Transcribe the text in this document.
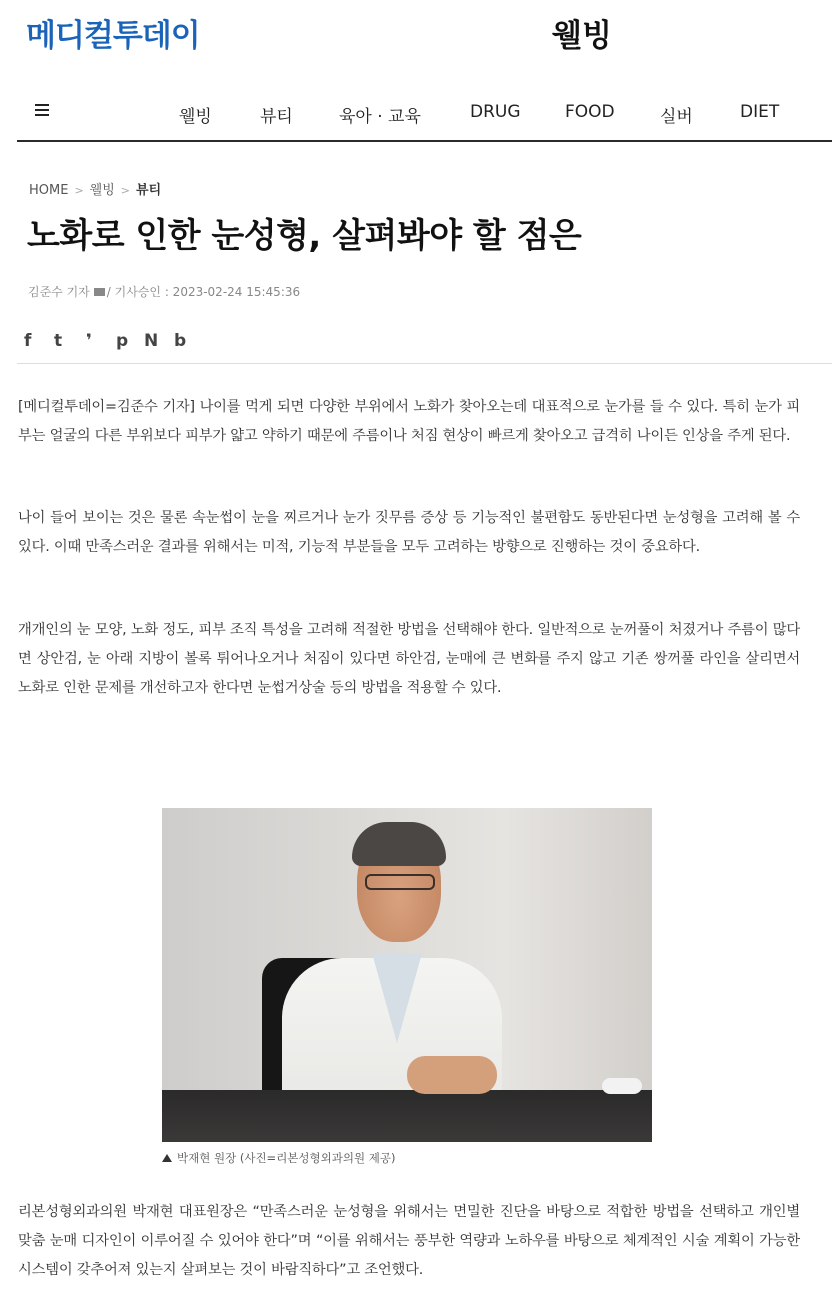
메디컬투데이	웰빙
웰빙	뷰티	육아 · 교육	DRUG	FOOD	실버	DIET
HOME > 웰빙 > 뷰티
노화로 인한 눈성형, 살펴봐야 할 점은
김준수 기자 / 기사승인 : 2023-02-24 15:45:36
f t ❜ p N b

[메디컬투데이=김준수 기자] 나이를 먹게 되면 다양한 부위에서 노화가 찾아오는데 대표적으로 눈가를 들 수 있다. 특히 눈가 피부는 얼굴의 다른 부위보다 피부가 얇고 약하기 때문에 주름이나 처짐 현상이 빠르게 찾아오고 급격히 나이든 인상을 주게 된다.

나이 들어 보이는 것은 물론 속눈썹이 눈을 찌르거나 눈가 짓무름 증상 등 기능적인 불편함도 동반된다면 눈성형을 고려해 볼 수 있다. 이때 만족스러운 결과를 위해서는 미적, 기능적 부분들을 모두 고려하는 방향으로 진행하는 것이 중요하다.

개개인의 눈 모양, 노화 정도, 피부 조직 특성을 고려해 적절한 방법을 선택해야 한다. 일반적으로 눈꺼풀이 처졌거나 주름이 많다면 상안검, 눈 아래 지방이 볼록 튀어나오거나 처짐이 있다면 하안검, 눈매에 큰 변화를 주지 않고 기존 쌍꺼풀 라인을 살리면서 노화로 인한 문제를 개선하고자 한다면 눈썹거상술 등의 방법을 적용할 수 있다.

박재현 원장 (사진=리본성형외과의원 제공)

리본성형외과의원 박재현 대표원장은 “만족스러운 눈성형을 위해서는 면밀한 진단을 바탕으로 적합한 방법을 선택하고 개인별 맞춤 눈매 디자인이 이루어질 수 있어야 한다”며 “이를 위해서는 풍부한 역량과 노하우를 바탕으로 체계적인 시술 계획이 가능한 시스템이 갖추어져 있는지 살펴보는 것이 바람직하다”고 조언했다.
